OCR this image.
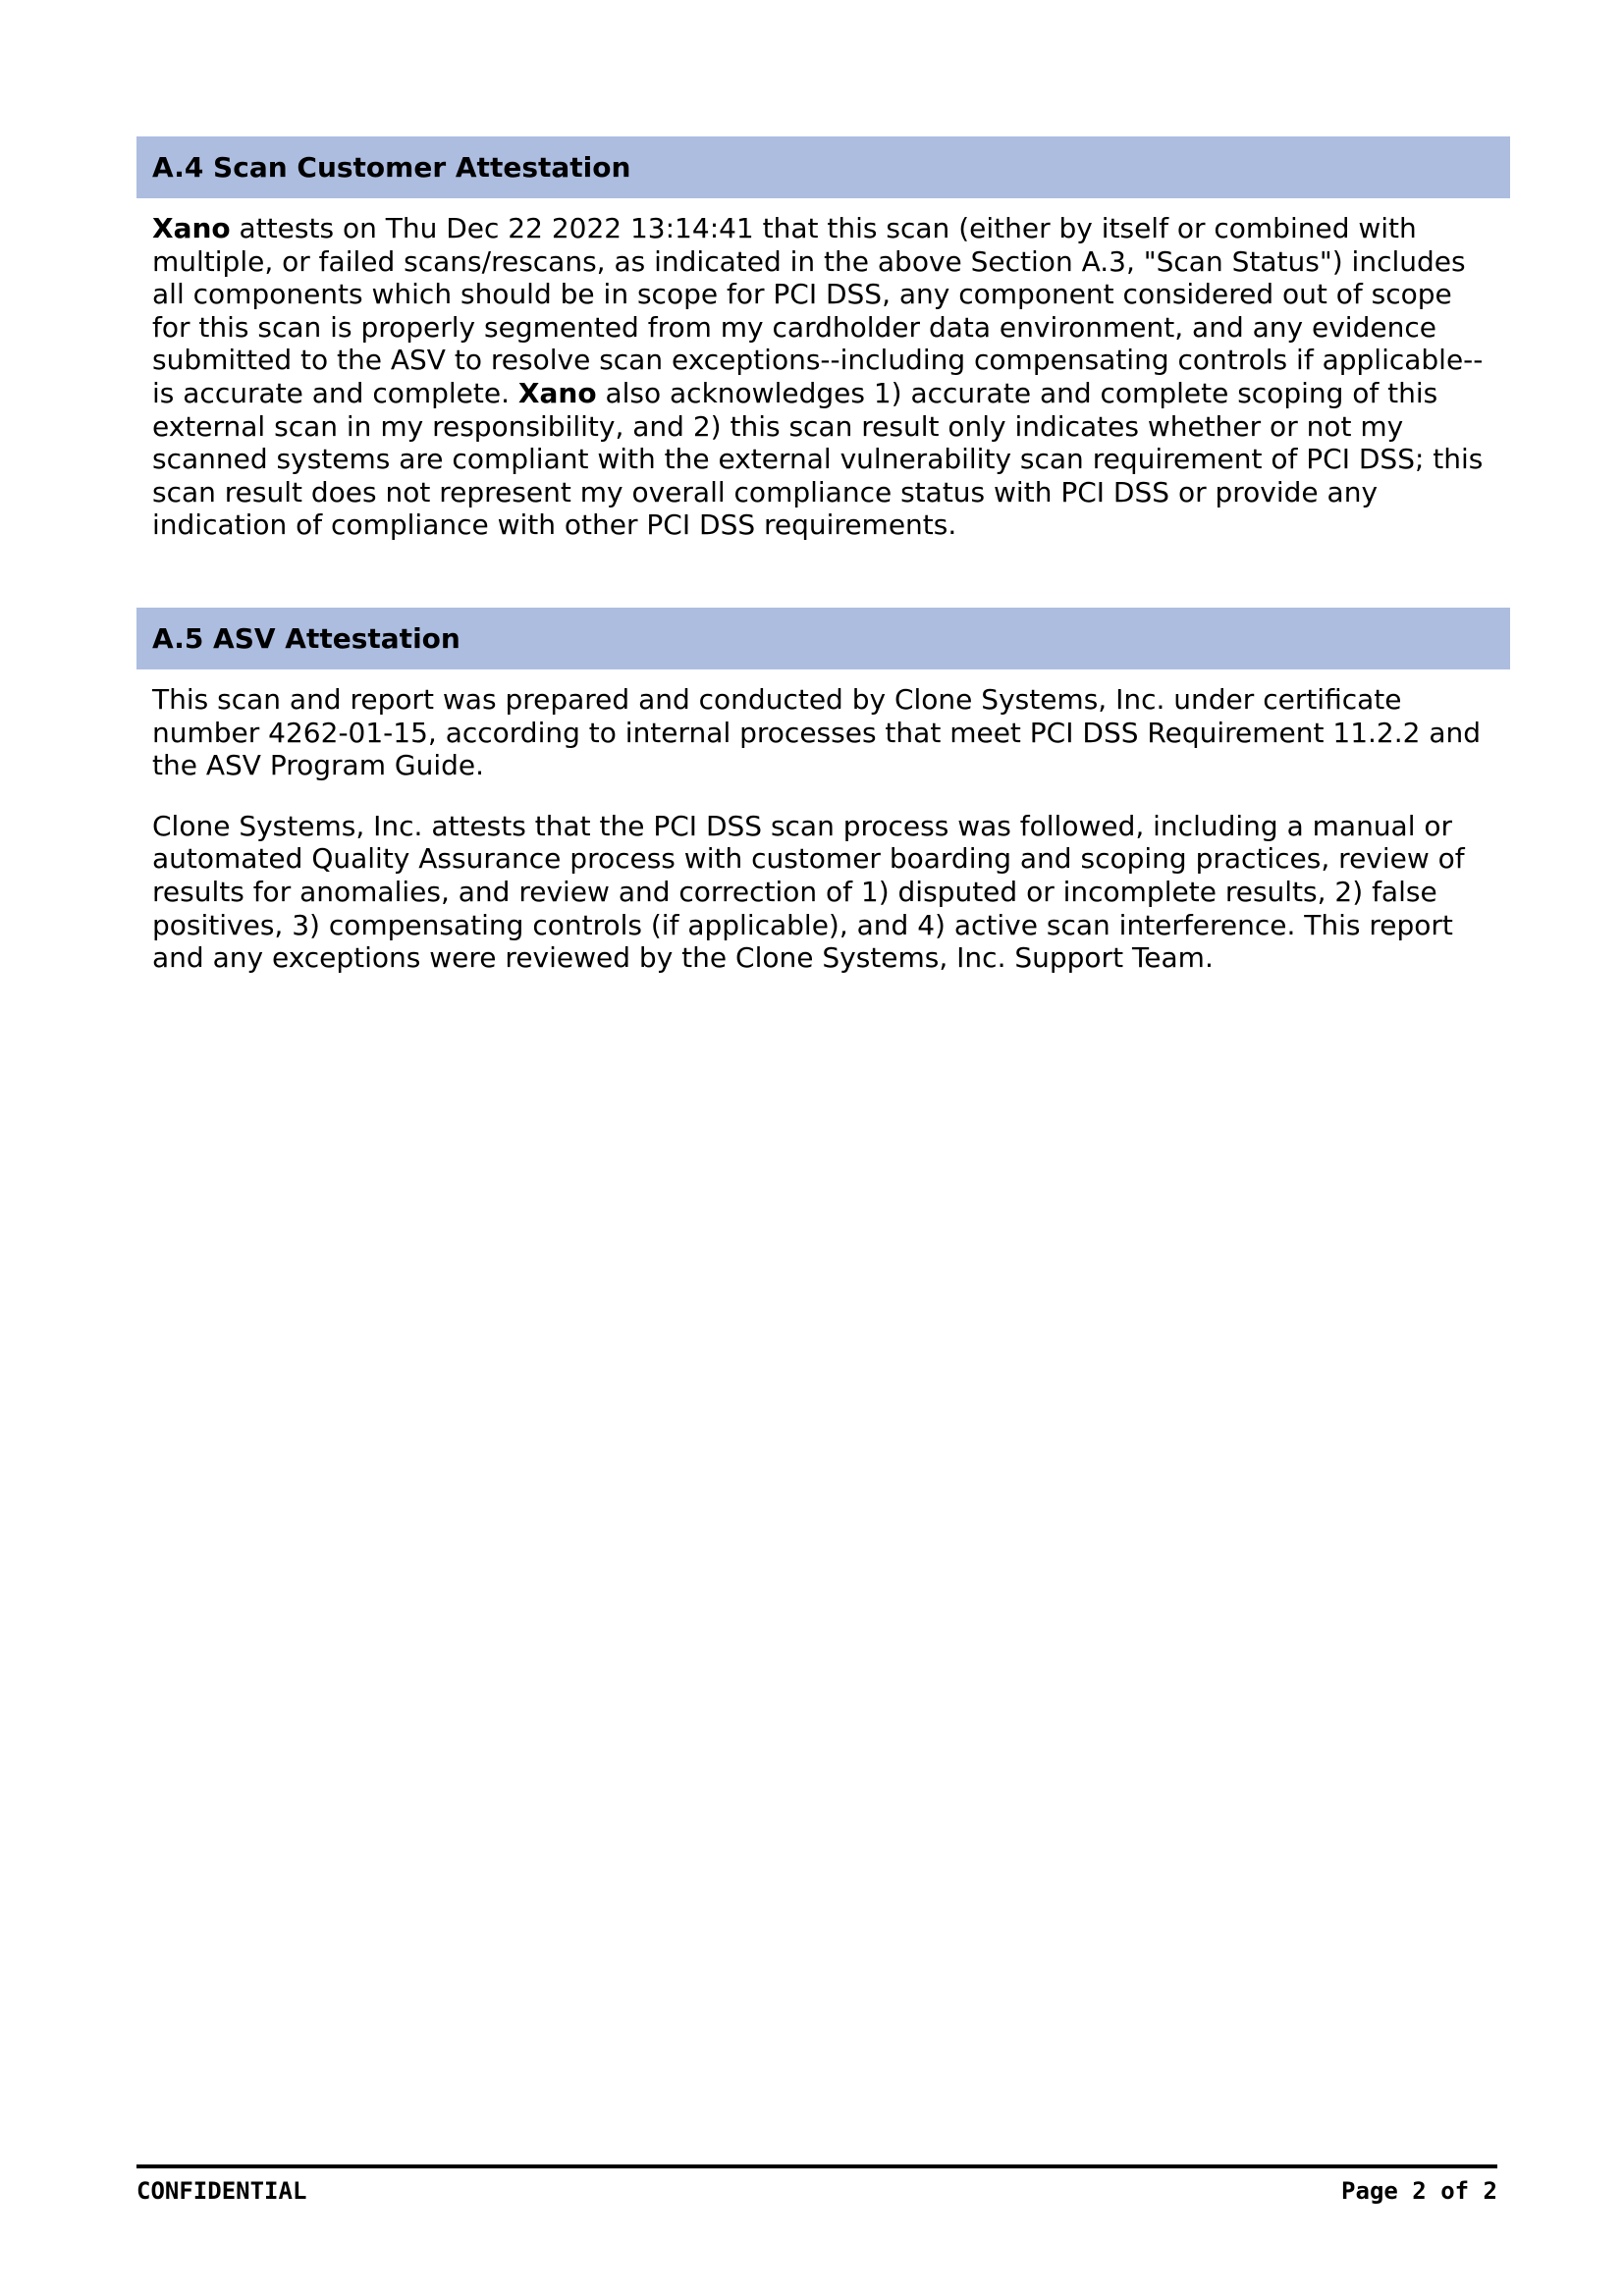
A.4 Scan Customer Attestation

Xano attests on Thu Dec 22 2022 13:14:41 that this scan (either by itself or combined with multiple, or failed scans/rescans, as indicated in the above Section A.3, "Scan Status") includes all components which should be in scope for PCI DSS, any component considered out of scope for this scan is properly segmented from my cardholder data environment, and any evidence submitted to the ASV to resolve scan exceptions--including compensating controls if applicable--is accurate and complete. Xano also acknowledges 1) accurate and complete scoping of this external scan in my responsibility, and 2) this scan result only indicates whether or not my scanned systems are compliant with the external vulnerability scan requirement of PCI DSS; this scan result does not represent my overall compliance status with PCI DSS or provide any indication of compliance with other PCI DSS requirements.

A.5 ASV Attestation

This scan and report was prepared and conducted by Clone Systems, Inc. under certificate number 4262-01-15, according to internal processes that meet PCI DSS Requirement 11.2.2 and the ASV Program Guide.

Clone Systems, Inc. attests that the PCI DSS scan process was followed, including a manual or automated Quality Assurance process with customer boarding and scoping practices, review of results for anomalies, and review and correction of 1) disputed or incomplete results, 2) false positives, 3) compensating controls (if applicable), and 4) active scan interference. This report and any exceptions were reviewed by the Clone Systems, Inc. Support Team.

CONFIDENTIAL	Page 2 of 2
